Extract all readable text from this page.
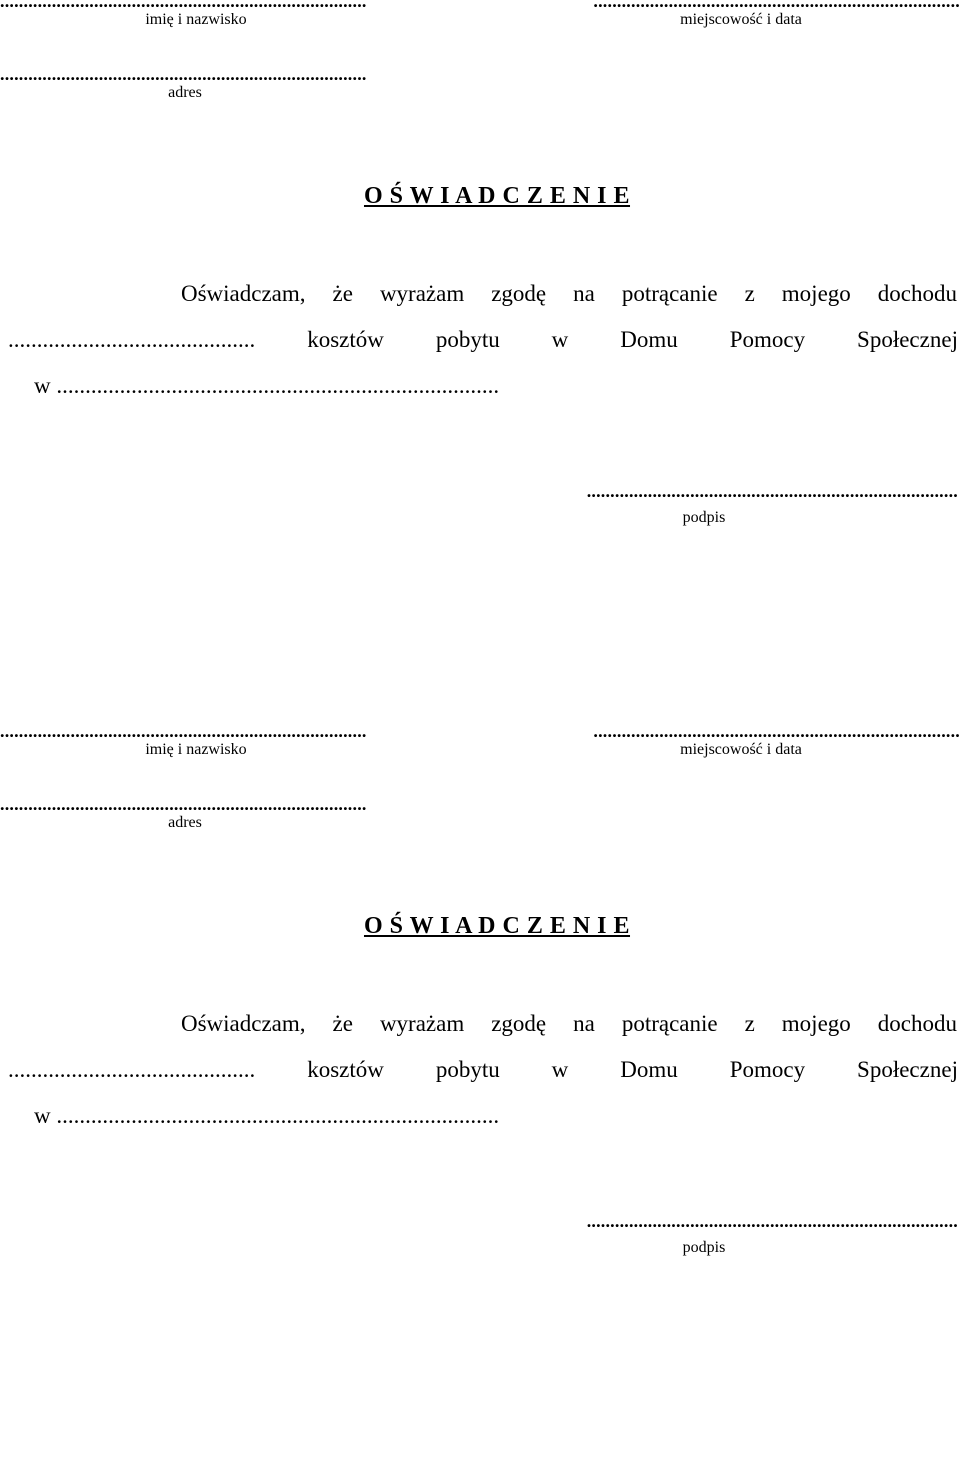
..............................................................................
imię i nazwisko
..............................................................................
miejscowość i data
..............................................................................
adres
O Ś W I A D C Z E N I E
Oświadczam, że wyrażam zgodę na potrącanie z mojego dochodu
........................................... kosztów pobytu w Domu Pomocy Społecznej
w .............................................................................
...............................................................................
podpis
..............................................................................
imię i nazwisko
..............................................................................
miejscowość i data
..............................................................................
adres
O Ś W I A D C Z E N I E
Oświadczam, że wyrażam zgodę na potrącanie z mojego dochodu
........................................... kosztów pobytu w Domu Pomocy Społecznej
w .............................................................................
...............................................................................
podpis
